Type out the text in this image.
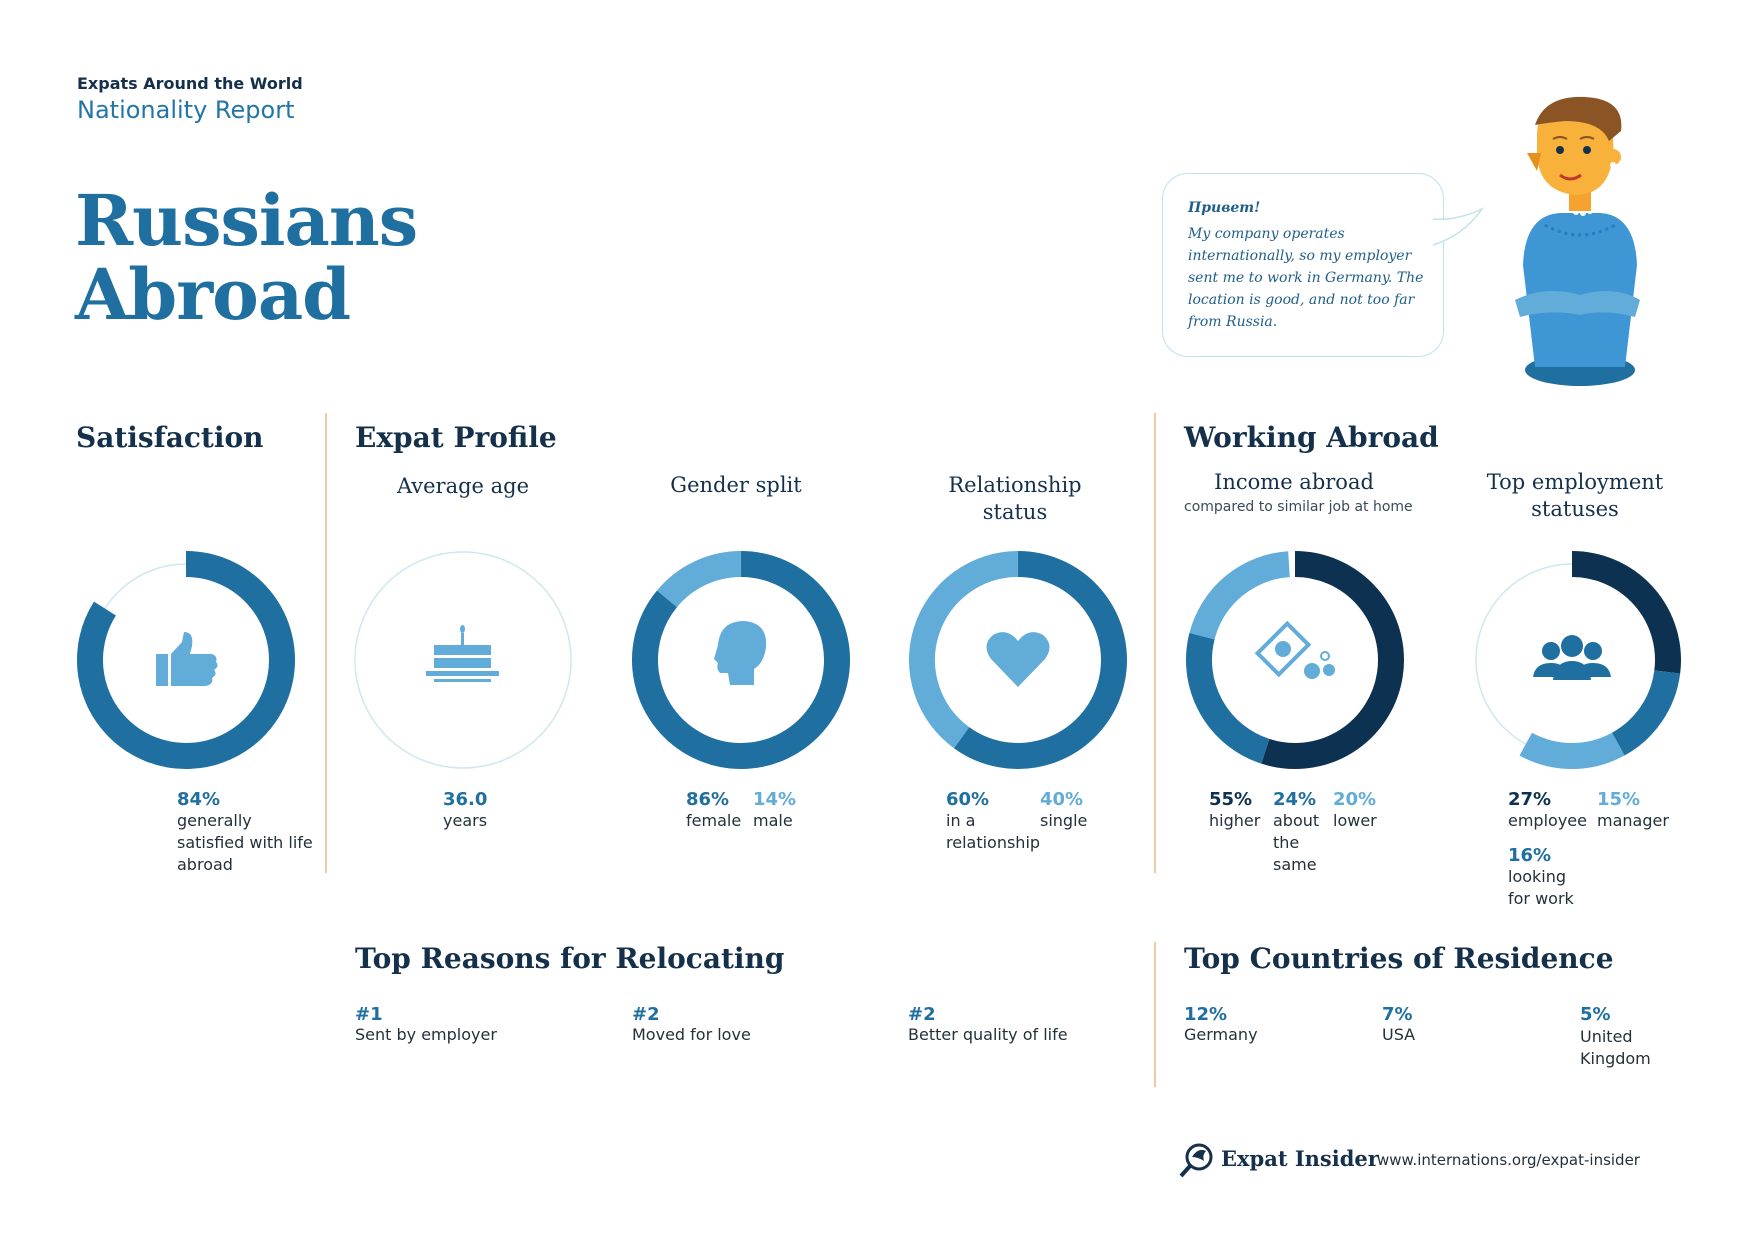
Expats Around the World
Nationality Report
Russians
Abroad
Привет!
My company operates internationally, so my employer sent me to work in Germany. The location is good, and not too far from Russia.
Satisfaction	Expat Profile	Working Abroad
Average age	Gender split	Relationship status
Income abroad
compared to similar job at home
Top employment statuses
84%
generally satisfied with life abroad
36.0
years
86%
female
14%
male
60%
in a relationship
40%
single
55%
higher
24%
about the same
20%
lower
27%
employee
15%
manager
16%
looking for work
Top Reasons for Relocating
#1
Sent by employer
#2
Moved for love
#2
Better quality of life
Top Countries of Residence
12%
Germany
7%
USA
5%
United Kingdom
Expat Insider
www.internations.org/expat-insider
